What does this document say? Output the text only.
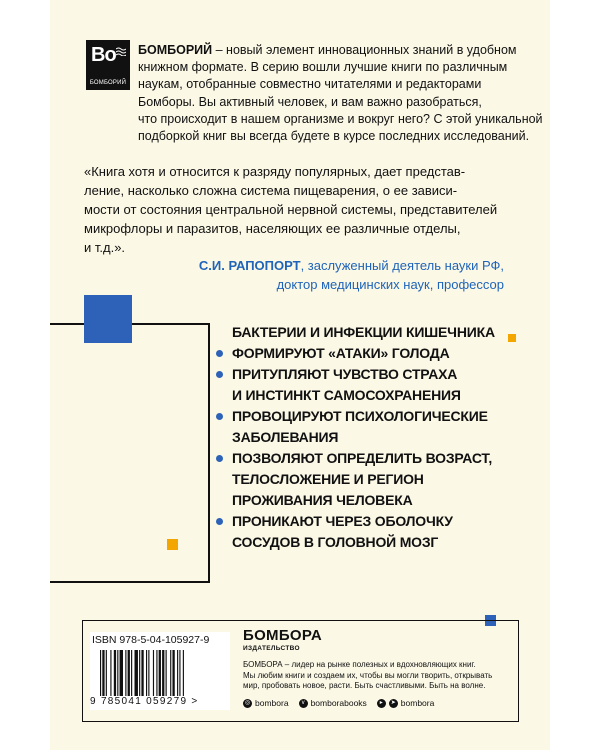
Bo
БОМБОРИЙ
БОМБОРИЙ – новый элемент инновационных знаний в удобном
книжном формате. В серию вошли лучшие книги по различным
наукам, отобранные совместно читателями и редакторами
Бомборы. Вы активный человек, и вам важно разобраться,
что происходит в нашем организме и вокруг него? С этой уникальной
подборкой книг вы всегда будете в курсе последних исследований.
«Книга хотя и относится к разряду популярных, дает представ-
ление, насколько сложна система пищеварения, о ее зависи-
мости от состояния центральной нервной системы, представителей
микрофлоры и паразитов, населяющих ее различные отделы,
и т.д.».
С.И. РАПОПОРТ, заслуженный деятель науки РФ,
доктор медицинских наук, профессор
БАКТЕРИИ И ИНФЕКЦИИ КИШЕЧНИКА
ФОРМИРУЮТ «АТАКИ» ГОЛОДА
ПРИТУПЛЯЮТ ЧУВСТВО СТРАХА
И ИНСТИНКТ САМОСОХРАНЕНИЯ
ПРОВОЦИРУЮТ ПСИХОЛОГИЧЕСКИЕ
ЗАБОЛЕВАНИЯ
ПОЗВОЛЯЮТ ОПРЕДЕЛИТЬ ВОЗРАСТ,
ТЕЛОСЛОЖЕНИЕ И РЕГИОН
ПРОЖИВАНИЯ ЧЕЛОВЕКА
ПРОНИКАЮТ ЧЕРЕЗ ОБОЛОЧКУ
СОСУДОВ В ГОЛОВНОЙ МОЗГ
ISBN 978-5-04-105927-9
9 785041 059279 >
БОМБОРА
ИЗДАТЕЛЬСТВО
БОМБОРА – лидер на рынке полезных и вдохновляющих книг.
Мы любим книги и создаем их, чтобы вы могли творить, открывать
мир, пробовать новое, расти. Быть счастливыми. Быть на волне.
◎ bombora	v bomborabooks	▸	➤ bombora
